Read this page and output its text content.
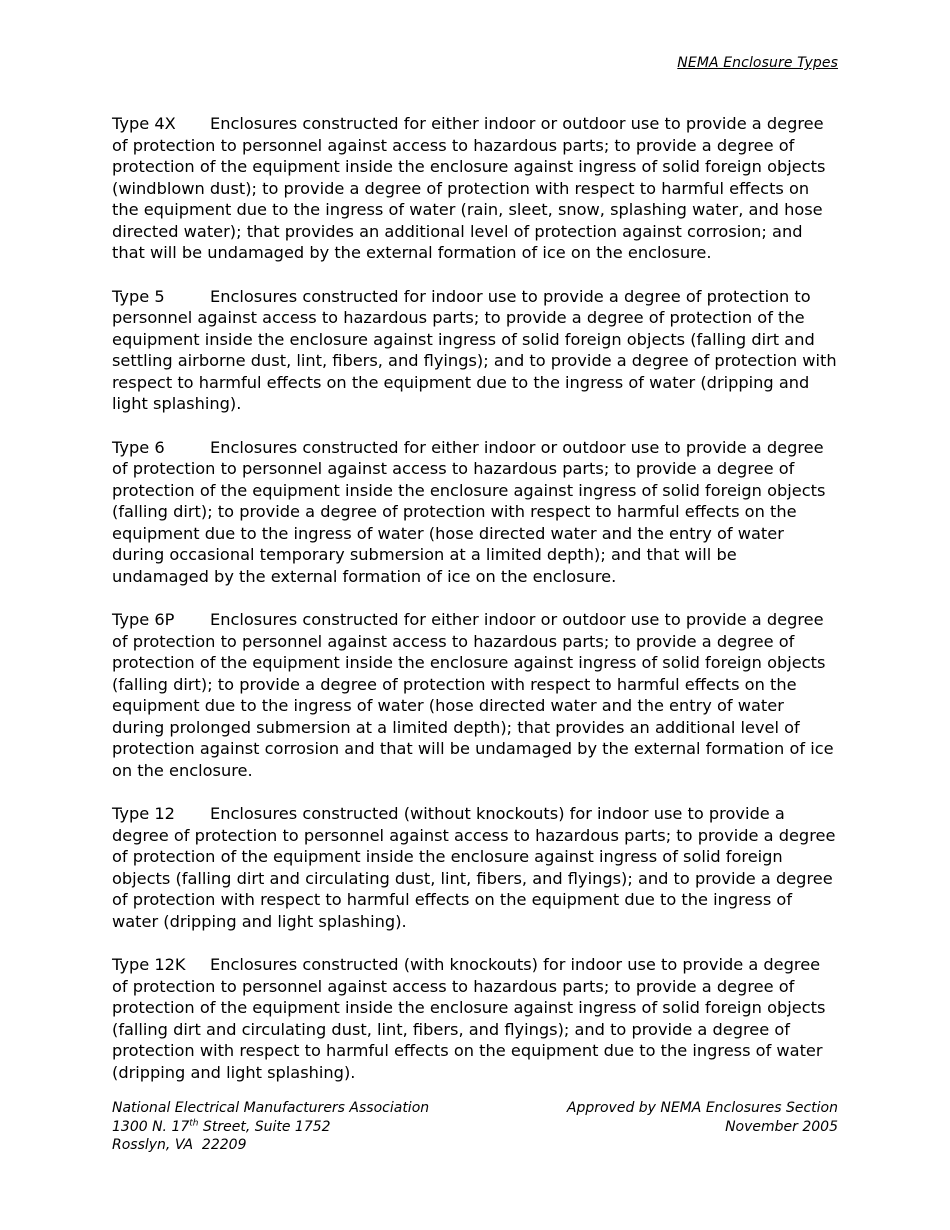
NEMA Enclosure Types

Type 4X Enclosures constructed for either indoor or outdoor use to provide a degree of protection to personnel against access to hazardous parts; to provide a degree of protection of the equipment inside the enclosure against ingress of solid foreign objects (windblown dust); to provide a degree of protection with respect to harmful effects on the equipment due to the ingress of water (rain, sleet, snow, splashing water, and hose directed water); that provides an additional level of protection against corrosion; and that will be undamaged by the external formation of ice on the enclosure.

Type 5	Enclosures constructed for indoor use to provide a degree of protection to personnel against access to hazardous parts; to provide a degree of protection of the equipment inside the enclosure against ingress of solid foreign objects (falling dirt and settling airborne dust, lint, fibers, and flyings); and to provide a degree of protection with respect to harmful effects on the equipment due to the ingress of water (dripping and light splashing).

Type 6	Enclosures constructed for either indoor or outdoor use to provide a degree of protection to personnel against access to hazardous parts; to provide a degree of protection of the equipment inside the enclosure against ingress of solid foreign objects (falling dirt); to provide a degree of protection with respect to harmful effects on the equipment due to the ingress of water (hose directed water and the entry of water during occasional temporary submersion at a limited depth); and that will be undamaged by the external formation of ice on the enclosure.

Type 6P Enclosures constructed for either indoor or outdoor use to provide a degree of protection to personnel against access to hazardous parts; to provide a degree of protection of the equipment inside the enclosure against ingress of solid foreign objects (falling dirt); to provide a degree of protection with respect to harmful effects on the equipment due to the ingress of water (hose directed water and the entry of water during prolonged submersion at a limited depth); that provides an additional level of protection against corrosion and that will be undamaged by the external formation of ice on the enclosure.

Type 12 Enclosures constructed (without knockouts) for indoor use to provide a degree of protection to personnel against access to hazardous parts; to provide a degree of protection of the equipment inside the enclosure against ingress of solid foreign objects (falling dirt and circulating dust, lint, fibers, and flyings); and to provide a degree of protection with respect to harmful effects on the equipment due to the ingress of water (dripping and light splashing).

Type 12K Enclosures constructed (with knockouts) for indoor use to provide a degree of protection to personnel against access to hazardous parts; to provide a degree of protection of the equipment inside the enclosure against ingress of solid foreign objects (falling dirt and circulating dust, lint, fibers, and flyings); and to provide a degree of protection with respect to harmful effects on the equipment due to the ingress of water (dripping and light splashing).

National Electrical Manufacturers Association
1300 N. 17th Street, Suite 1752
Rosslyn, VA  22209
Approved by NEMA Enclosures Section
November 2005
